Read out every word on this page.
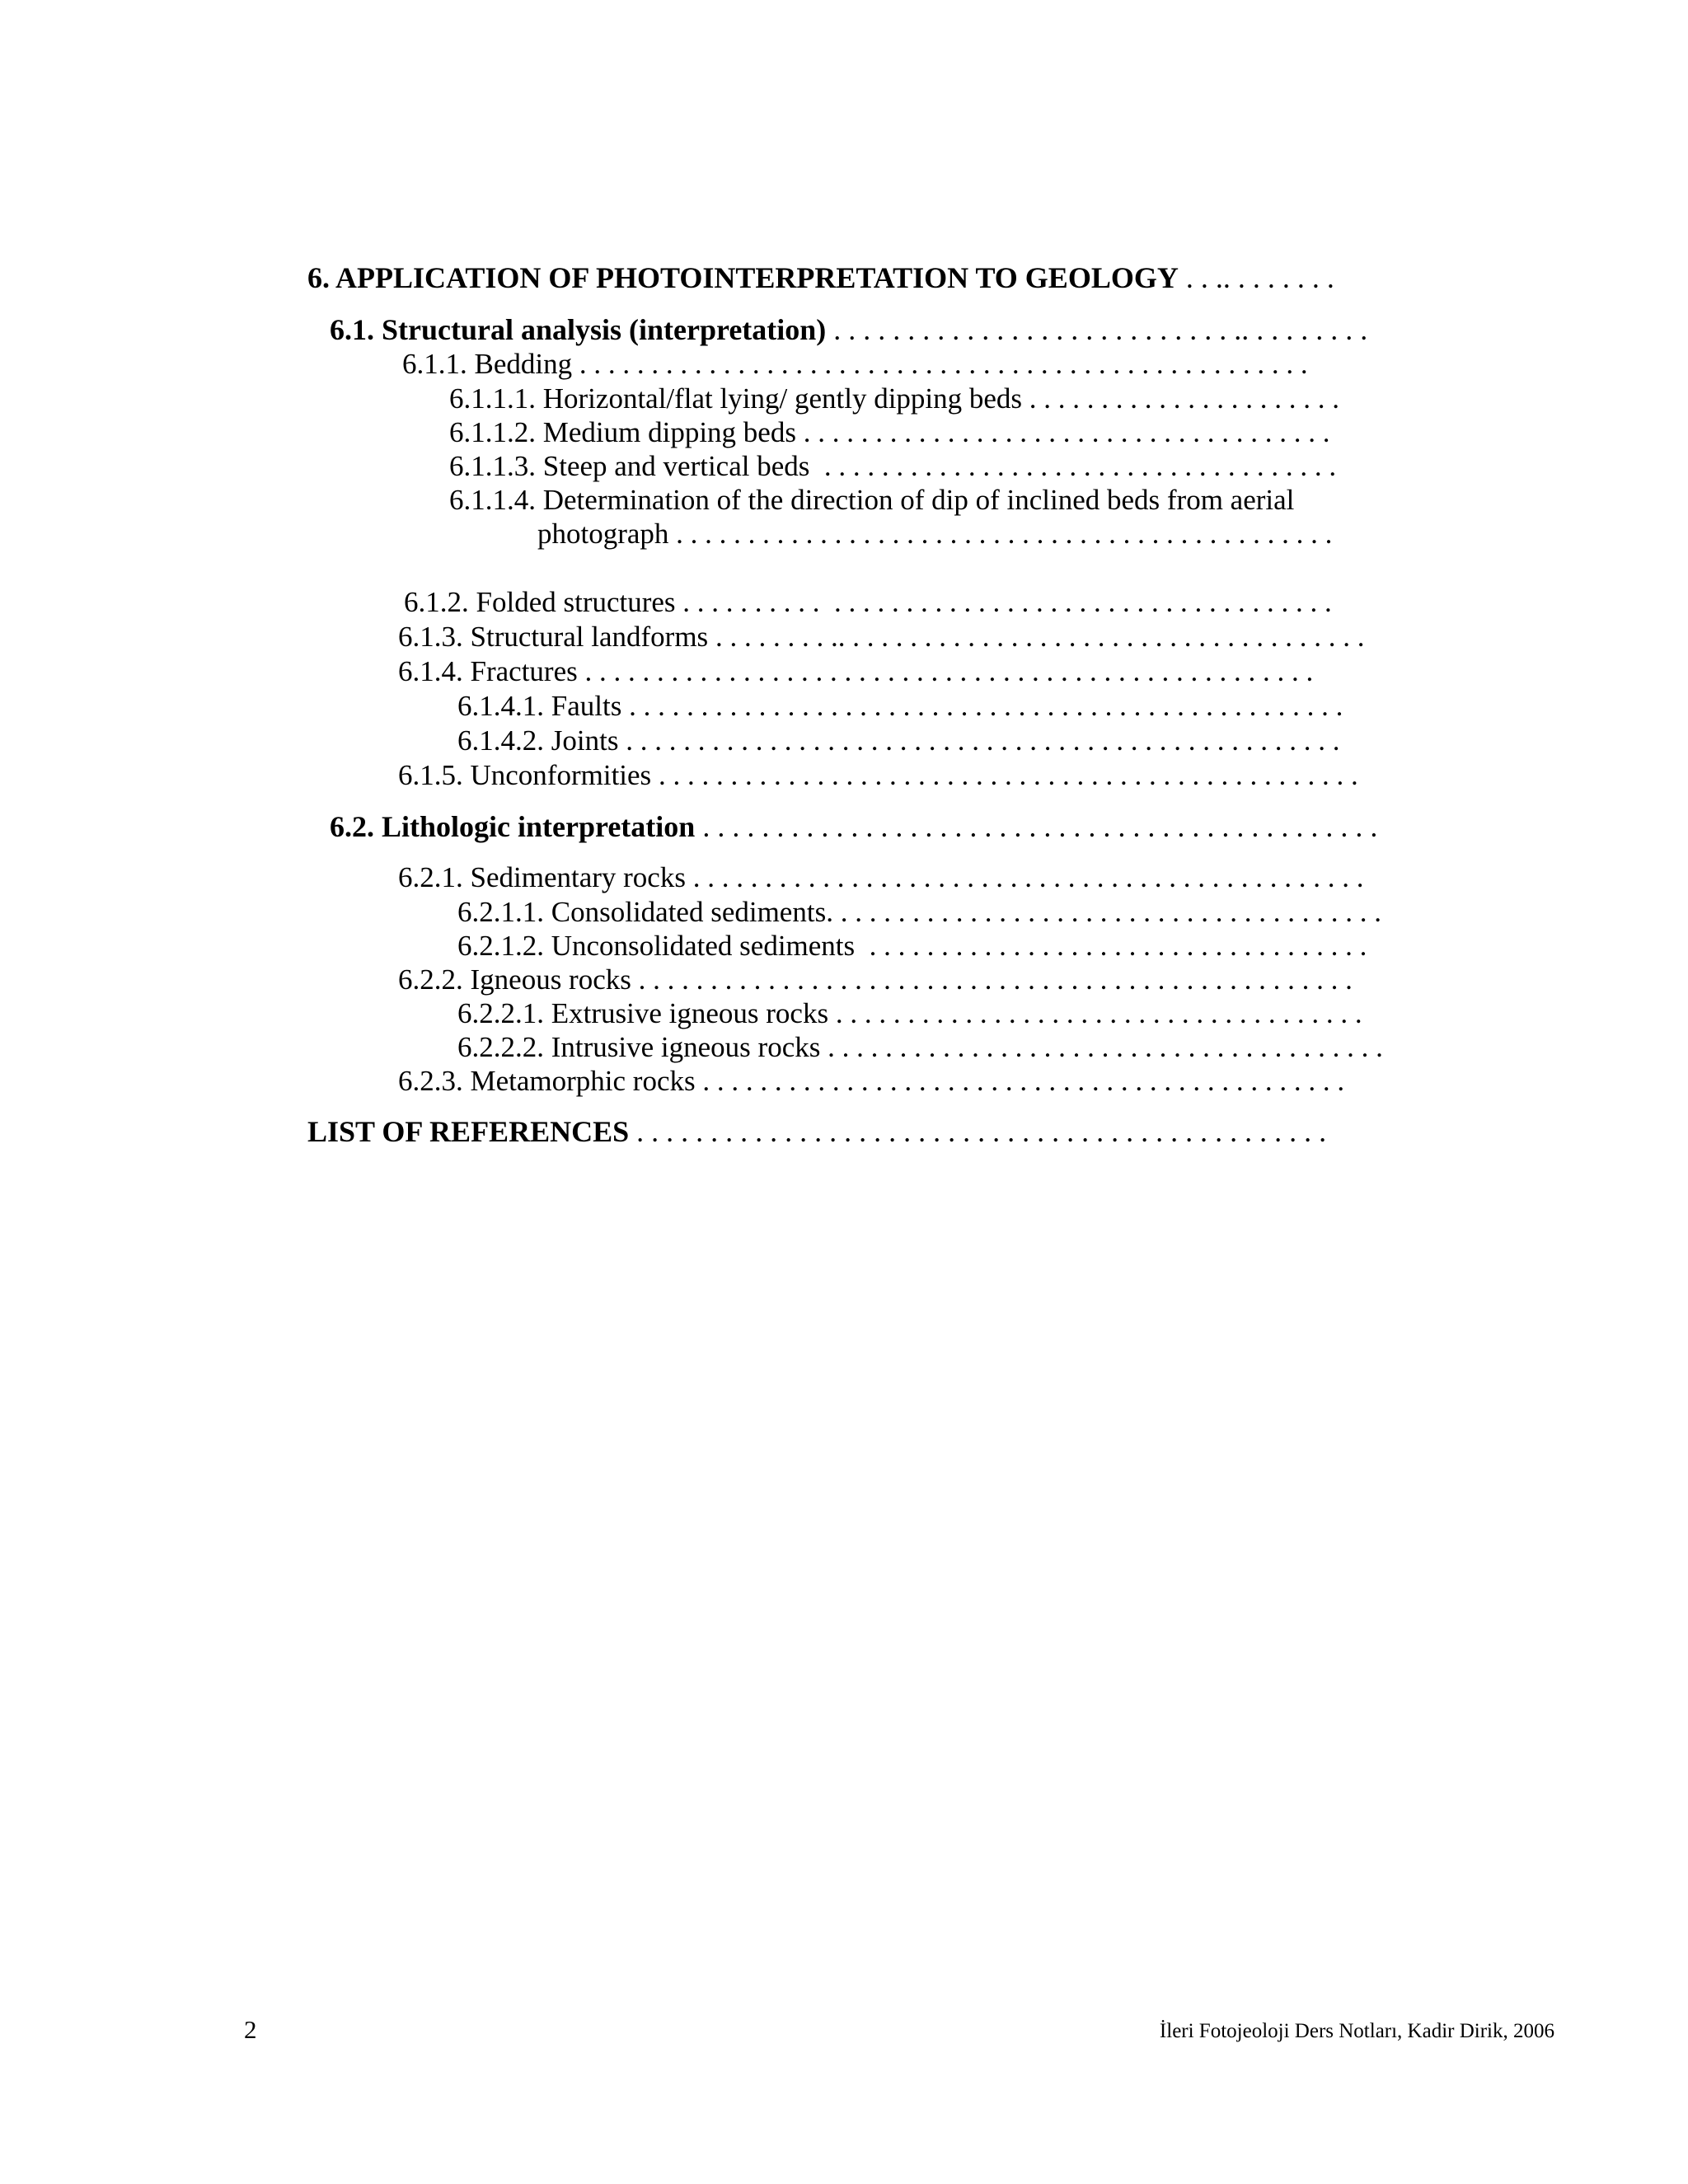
6. APPLICATION OF PHOTOINTERPRETATION TO GEOLOGY . . .. . . . . . . .
6.1. Structural analysis (interpretation) . . . . . . . . . . . . . . . . . . . . . . . . . . . .. . . . . . . . .
6.1.1. Bedding . . . . . . . . . . . . . . . . . . . . . . . . . . . . . . . . . . . . . . . . . . . . . . . . . . .
6.1.1.1. Horizontal/flat lying/ gently dipping beds . . . . . . . . . . . . . . . . . . . . . .
6.1.1.2. Medium dipping beds . . . . . . . . . . . . . . . . . . . . . . . . . . . . . . . . . . . . .
6.1.1.3. Steep and vertical beds  . . . . . . . . . . . . . . . . . . . . . . . . . . . . . . . . . . . .
6.1.1.4. Determination of the direction of dip of inclined beds from aerial
photograph . . . . . . . . . . . . . . . . . . . . . . . . . . . . . . . . . . . . . . . . . . . . . .
6.1.2. Folded structures . . . . . . . . . .  . . . . . . . . . . . . . . . . . . . . . . . . . . . . . . . . . . .
6.1.3. Structural landforms . . . . . . . . .. . . . . . . . . . . . . . . . . . . . . . . . . . . . . . . . . . . . .
6.1.4. Fractures . . . . . . . . . . . . . . . . . . . . . . . . . . . . . . . . . . . . . . . . . . . . . . . . . . .
6.1.4.1. Faults . . . . . . . . . . . . . . . . . . . . . . . . . . . . . . . . . . . . . . . . . . . . . . . . . .
6.1.4.2. Joints . . . . . . . . . . . . . . . . . . . . . . . . . . . . . . . . . . . . . . . . . . . . . . . . . .
6.1.5. Unconformities . . . . . . . . . . . . . . . . . . . . . . . . . . . . . . . . . . . . . . . . . . . . . . . . .
6.2. Lithologic interpretation . . . . . . . . . . . . . . . . . . . . . . . . . . . . . . . . . . . . . . . . . . . . . .
6.2.1. Sedimentary rocks . . . . . . . . . . . . . . . . . . . . . . . . . . . . . . . . . . . . . . . . . . . . . . .
6.2.1.1. Consolidated sediments. . . . . . . . . . . . . . . . . . . . . . . . . . . . . . . . . . . . . . .
6.2.1.2. Unconsolidated sediments  . . . . . . . . . . . . . . . . . . . . . . . . . . . . . . . . . . .
6.2.2. Igneous rocks . . . . . . . . . . . . . . . . . . . . . . . . . . . . . . . . . . . . . . . . . . . . . . . . . .
6.2.2.1. Extrusive igneous rocks . . . . . . . . . . . . . . . . . . . . . . . . . . . . . . . . . . . . .
6.2.2.2. Intrusive igneous rocks . . . . . . . . . . . . . . . . . . . . . . . . . . . . . . . . . . . . . . .
6.2.3. Metamorphic rocks . . . . . . . . . . . . . . . . . . . . . . . . . . . . . . . . . . . . . . . . . . . . .
LIST OF REFERENCES . . . . . . . . . . . . . . . . . . . . . . . . . . . . . . . . . . . . . . . . . . . . . . .
2	İleri Fotojeoloji Ders Notları, Kadir Dirik, 2006
